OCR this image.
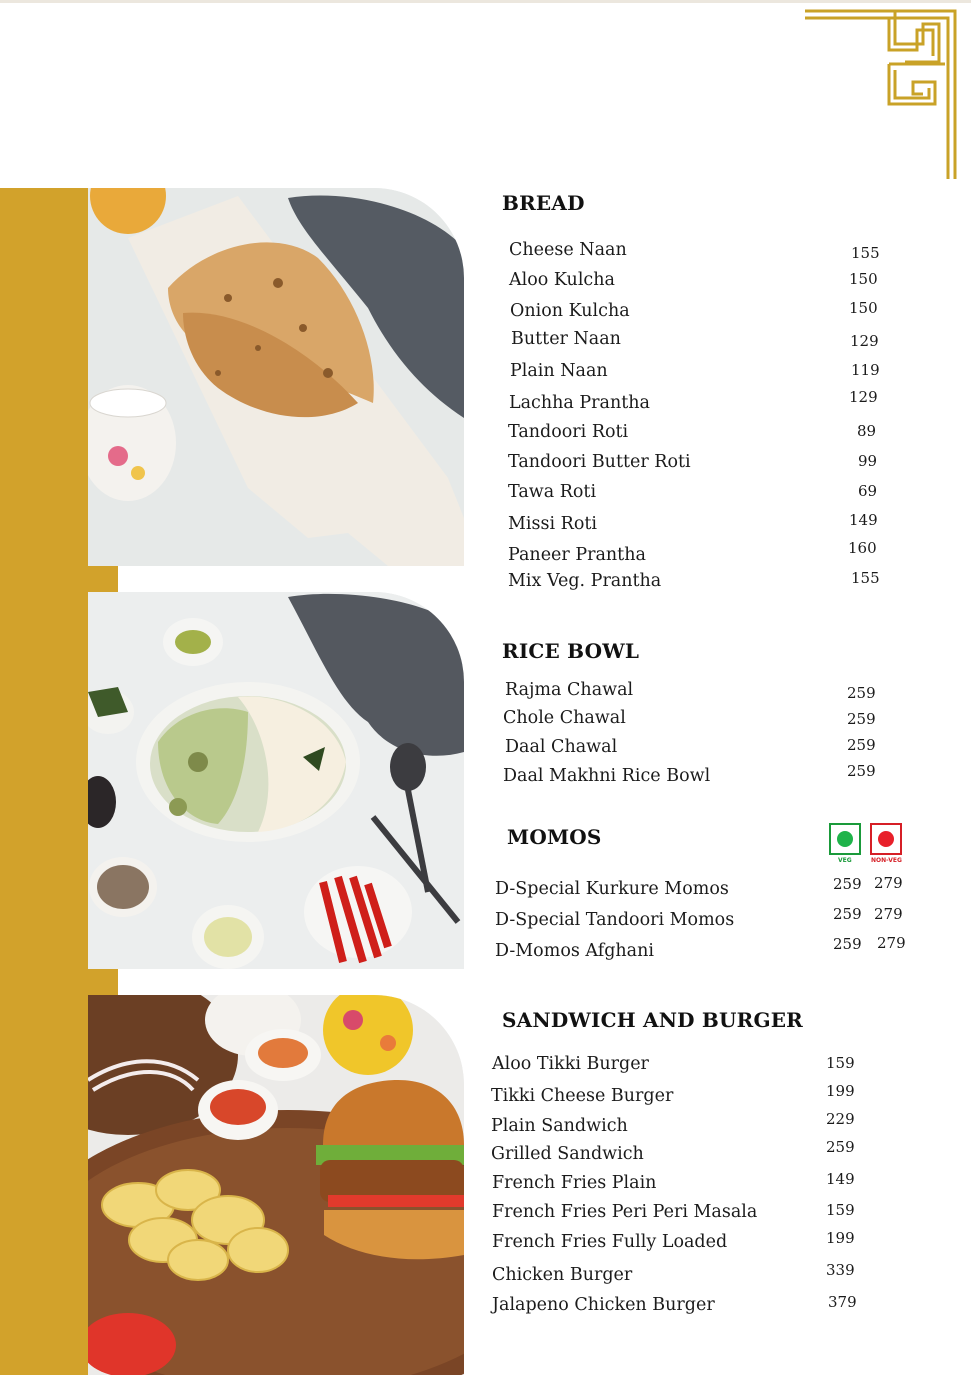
BREAD
Cheese Naan	155
Aloo Kulcha	150
Onion Kulcha	150
Butter Naan	129
Plain Naan	119
Lachha Prantha	129
Tandoori Roti	89
Tandoori Butter Roti	99
Tawa Roti	69
Missi Roti	149
Paneer Prantha	160
Mix Veg. Prantha	155
RICE BOWL
Rajma Chawal	259
Chole Chawal	259
Daal Chawal	259
Daal Makhni Rice Bowl	259
MOMOS
VEG	NON-VEG
D-Special Kurkure Momos	259 279
D-Special Tandoori Momos	259 279
D-Momos Afghani	259 279
SANDWICH AND BURGER
Aloo Tikki Burger	159
Tikki Cheese Burger	199
Plain Sandwich	229
Grilled Sandwich	259
French Fries Plain	149
French Fries Peri Peri Masala	159
French Fries Fully Loaded	199
Chicken Burger	339
Jalapeno Chicken Burger	379
